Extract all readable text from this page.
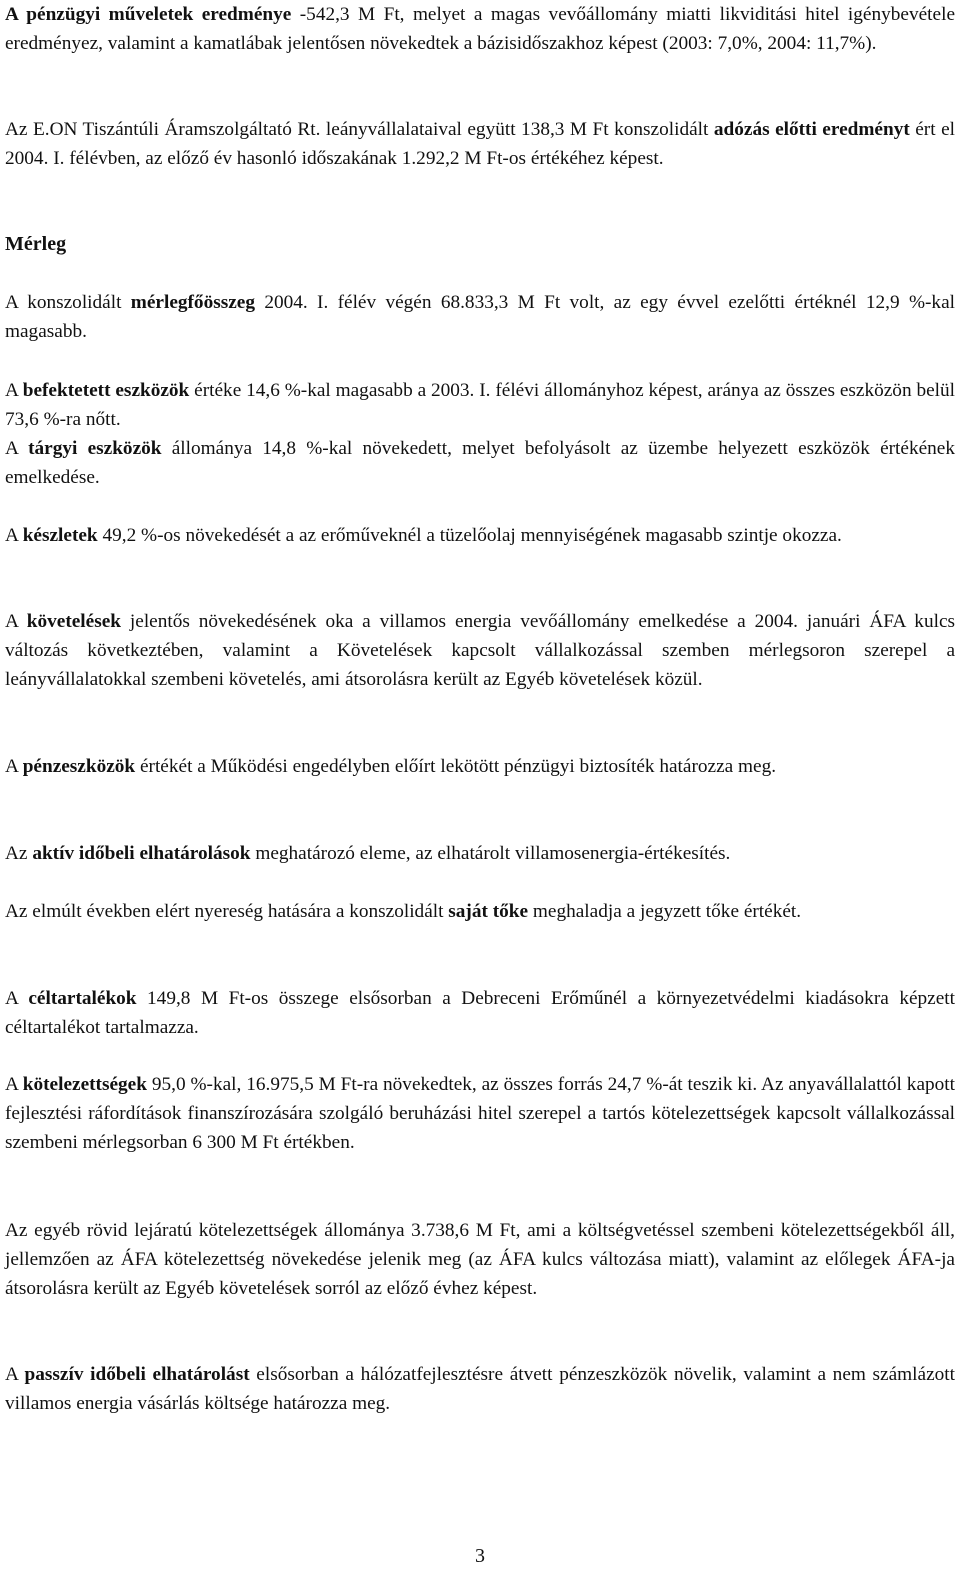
A pénzügyi műveletek eredménye -542,3 M Ft, melyet a magas vevőállomány miatti likviditási hitel igénybevétele eredményez, valamint a kamatlábak jelentősen növekedtek a bázisidőszakhoz képest (2003: 7,0%, 2004: 11,7%).

Az E.ON Tiszántúli Áramszolgáltató Rt. leányvállalataival együtt 138,3 M Ft konszolidált adózás előtti eredményt ért el 2004. I. félévben, az előző év hasonló időszakának 1.292,2 M Ft-os értékéhez képest.

Mérleg

A konszolidált mérlegfőösszeg 2004. I. félév végén 68.833,3 M Ft volt, az egy évvel ezelőtti értéknél 12,9 %-kal magasabb.

A befektetett eszközök értéke 14,6 %-kal magasabb a 2003. I. félévi állományhoz képest, aránya az összes eszközön belül 73,6 %-ra nőtt.

A tárgyi eszközök állománya 14,8 %-kal növekedett, melyet befolyásolt az üzembe helyezett eszközök értékének emelkedése.

A készletek 49,2 %-os növekedését a az erőműveknél a tüzelőolaj mennyiségének magasabb szintje okozza.

A követelések jelentős növekedésének oka a villamos energia vevőállomány emelkedése a 2004. januári ÁFA kulcs változás következtében, valamint a Követelések kapcsolt vállalkozással szemben mérlegsoron szerepel a leányvállalatokkal szembeni követelés, ami átsorolásra került az Egyéb követelések közül.

A pénzeszközök értékét a Működési engedélyben előírt lekötött pénzügyi biztosíték határozza meg.

Az aktív időbeli elhatárolások meghatározó eleme, az elhatárolt villamosenergia-értékesítés.

Az elmúlt években elért nyereség hatására a konszolidált saját tőke meghaladja a jegyzett tőke értékét.

A céltartalékok 149,8 M Ft-os összege elsősorban a Debreceni Erőműnél a környezetvédelmi kiadásokra képzett céltartalékot tartalmazza.

A kötelezettségek 95,0 %-kal, 16.975,5 M Ft-ra növekedtek, az összes forrás 24,7 %-át teszik ki. Az anyavállalattól kapott fejlesztési ráfordítások finanszírozására szolgáló beruházási hitel szerepel a tartós kötelezettségek kapcsolt vállalkozással szembeni mérlegsorban 6 300 M Ft értékben.

Az egyéb rövid lejáratú kötelezettségek állománya 3.738,6 M Ft, ami a költségvetéssel szembeni kötelezettségekből áll, jellemzően az ÁFA kötelezettség növekedése jelenik meg (az ÁFA kulcs változása miatt), valamint az előlegek ÁFA-ja átsorolásra került az Egyéb követelések sorról az előző évhez képest.

A passzív időbeli elhatárolást elsősorban a hálózatfejlesztésre átvett pénzeszközök növelik, valamint a nem számlázott villamos energia vásárlás költsége határozza meg.

3
